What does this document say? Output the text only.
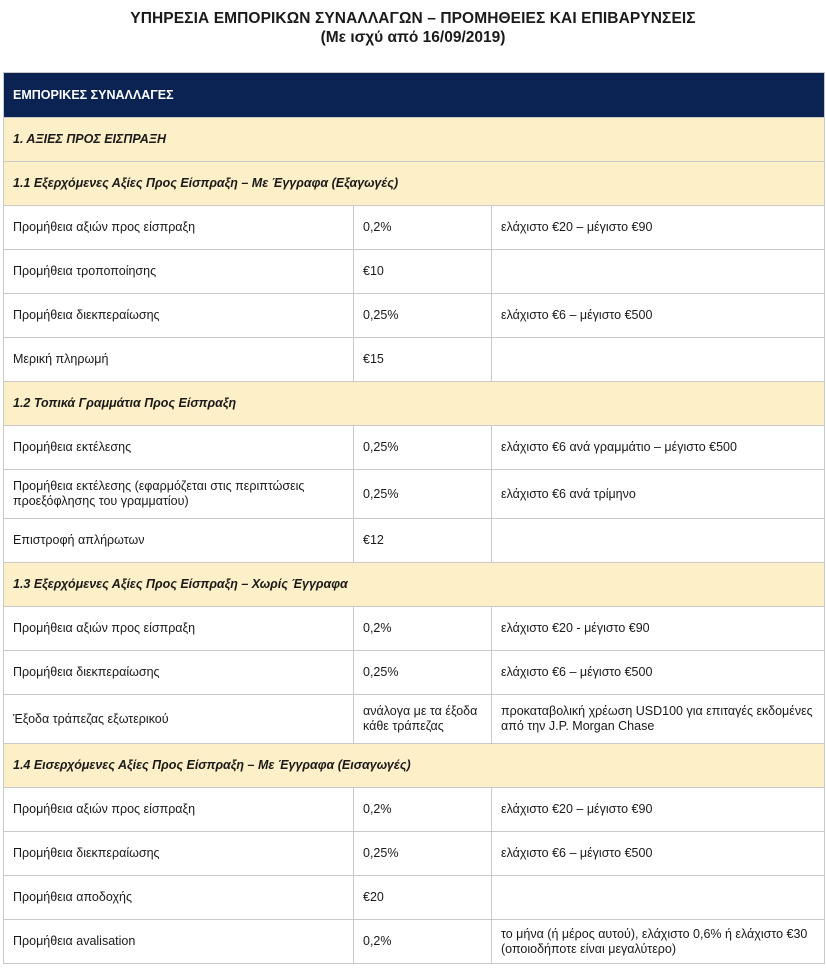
ΥΠΗΡΕΣΙΑ ΕΜΠΟΡΙΚΩΝ ΣΥΝΑΛΛΑΓΩΝ – ΠΡΟΜΗΘΕΙΕΣ ΚΑΙ ΕΠΙΒΑΡΥΝΣΕΙΣ
(Με ισχύ από 16/09/2019)
ΕΜΠΟΡΙΚΕΣ ΣΥΝΑΛΛΑΓΕΣ		
1. ΑΞΙΕΣ ΠΡΟΣ ΕΙΣΠΡΑΞΗ		
1.1 Εξερχόμενες Αξίες Προς Είσπραξη – Με Έγγραφα (Εξαγωγές)		
Προμήθεια αξιών προς είσπραξη	0,2%	ελάχιστο €20 – μέγιστο €90
Προμήθεια τροποποίησης	€10	
Προμήθεια διεκπεραίωσης	0,25%	ελάχιστο €6 – μέγιστο €500
Μερική πληρωμή	€15	
1.2 Τοπικά Γραμμάτια Προς Είσπραξη		
Προμήθεια εκτέλεσης	0,25%	ελάχιστο €6 ανά γραμμάτιο – μέγιστο €500
Προμήθεια εκτέλεσης (εφαρμόζεται στις περιπτώσεις προεξόφλησης του γραμματίου)	0,25%	ελάχιστο €6 ανά τρίμηνο
Επιστροφή απλήρωτων	€12	
1.3 Εξερχόμενες Αξίες Προς Είσπραξη – Χωρίς Έγγραφα		
Προμήθεια αξιών προς είσπραξη	0,2%	ελάχιστο €20 - μέγιστο €90
Προμήθεια διεκπεραίωσης	0,25%	ελάχιστο €6 – μέγιστο €500
Έξοδα τράπεζας εξωτερικού	ανάλογα με τα έξοδα κάθε τράπεζας	προκαταβολική χρέωση USD100 για επιταγές εκδομένες από την J.P. Morgan Chase
1.4 Εισερχόμενες Αξίες Προς Είσπραξη – Με Έγγραφα (Εισαγωγές)		
Προμήθεια αξιών προς είσπραξη	0,2%	ελάχιστο €20 – μέγιστο €90
Προμήθεια διεκπεραίωσης	0,25%	ελάχιστο €6 – μέγιστο €500
Προμήθεια αποδοχής	€20	
Προμήθεια avalisation	0,2%	το μήνα (ή μέρος αυτού), ελάχιστο 0,6% ή ελάχιστο €30 (οποιοδήποτε είναι μεγαλύτερο)
